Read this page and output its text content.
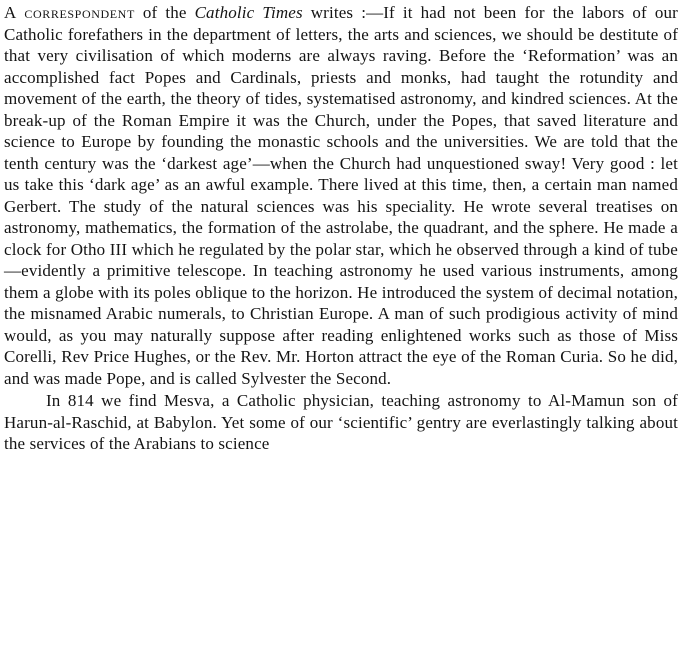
A correspondent of the Catholic Times writes :—If it had not been for the labors of our Catholic forefathers in the department of letters, the arts and sciences, we should be destitute of that very civilisation of which moderns are always raving. Before the ‘Reformation’ was an accomplished fact Popes and Cardinals, priests and monks, had taught the rotundity and movement of the earth, the theory of tides, systematised astronomy, and kindred sciences. At the break-up of the Roman Empire it was the Church, under the Popes, that saved literature and science to Europe by founding the monastic schools and the universities. We are told that the tenth century was the ‘darkest age’—when the Church had unquestioned sway! Very good : let us take this ‘dark age’ as an awful example. There lived at this time, then, a certain man named Gerbert. The study of the natural sciences was his speciality. He wrote several treatises on astronomy, mathematics, the formation of the astrolabe, the quadrant, and the sphere. He made a clock for Otho III which he regulated by the polar star, which he observed through a kind of tube—evidently a primitive telescope. In teaching astronomy he used various instruments, among them a globe with its poles oblique to the horizon. He introduced the system of decimal notation, the misnamed Arabic numerals, to Christian Europe. A man of such prodigious activity of mind would, as you may naturally suppose after reading enlightened works such as those of Miss Corelli, Rev Price Hughes, or the Rev. Mr. Horton attract the eye of the Roman Curia. So he did, and was made Pope, and is called Sylvester the Second.

In 814 we find Mesva, a Catholic physician, teaching astronomy to Al-Mamun son of Harun-al-Raschid, at Babylon. Yet some of our ‘scientific’ gentry are everlastingly talking about the services of the Arabians to science
